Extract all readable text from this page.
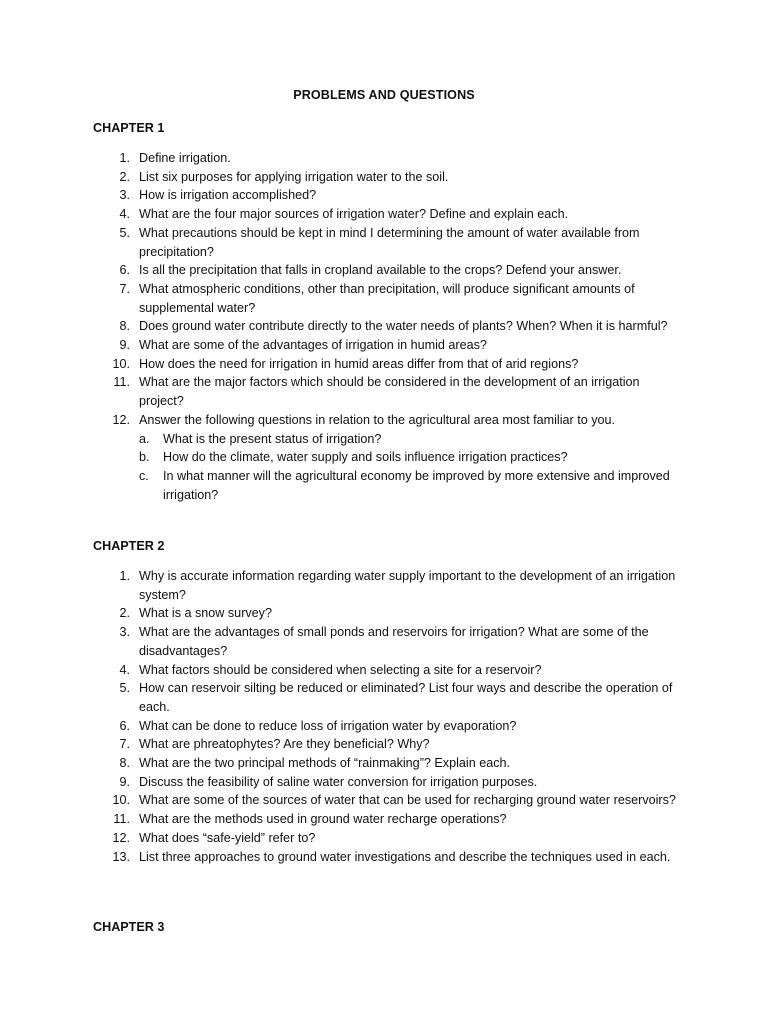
PROBLEMS AND QUESTIONS
CHAPTER 1
1. Define irrigation.
2. List six purposes for applying irrigation water to the soil.
3. How is irrigation accomplished?
4. What are the four major sources of irrigation water? Define and explain each.
5. What precautions should be kept in mind I determining the amount of water available from precipitation?
6. Is all the precipitation that falls in cropland available to the crops? Defend your answer.
7. What atmospheric conditions, other than precipitation, will produce significant amounts of supplemental water?
8. Does ground water contribute directly to the water needs of plants? When? When it is harmful?
9. What are some of the advantages of irrigation in humid areas?
10. How does the need for irrigation in humid areas differ from that of arid regions?
11. What are the major factors which should be considered in the development of an irrigation project?
12. Answer the following questions in relation to the agricultural area most familiar to you.
a. What is the present status of irrigation?
b. How do the climate, water supply and soils influence irrigation practices?
c. In what manner will the agricultural economy be improved by more extensive and improved irrigation?
CHAPTER 2
1. Why is accurate information regarding water supply important to the development of an irrigation system?
2. What is a snow survey?
3. What are the advantages of small ponds and reservoirs for irrigation? What are some of the disadvantages?
4. What factors should be considered when selecting a site for a reservoir?
5. How can reservoir silting be reduced or eliminated? List four ways and describe the operation of each.
6. What can be done to reduce loss of irrigation water by evaporation?
7. What are phreatophytes? Are they beneficial? Why?
8. What are the two principal methods of “rainmaking”? Explain each.
9. Discuss the feasibility of saline water conversion for irrigation purposes.
10. What are some of the sources of water that can be used for recharging ground water reservoirs?
11. What are the methods used in ground water recharge operations?
12. What does “safe-yield” refer to?
13. List three approaches to ground water investigations and describe the techniques used in each.
CHAPTER 3
